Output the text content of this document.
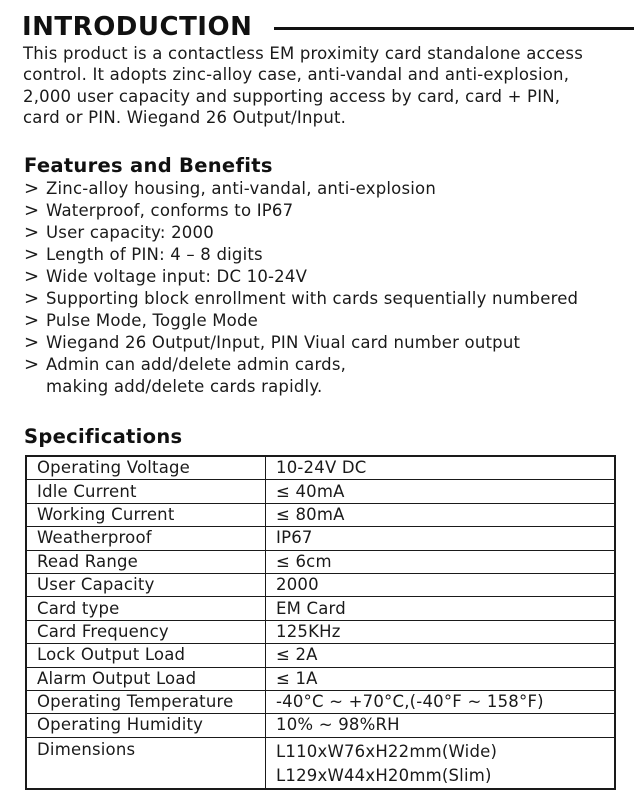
INTRODUCTION
This product is a contactless EM proximity card standalone access
control. It adopts zinc-alloy case, anti-vandal and anti-explosion,
2,000 user capacity and supporting access by card, card + PIN,
card or PIN. Wiegand 26 Output/Input.
Features and Benefits
> Zinc-alloy housing, anti-vandal, anti-explosion
> Waterproof, conforms to IP67
> User capacity: 2000
> Length of PIN: 4 – 8 digits
> Wide voltage input: DC 10-24V
> Supporting block enrollment with cards sequentially numbered
> Pulse Mode, Toggle Mode
> Wiegand 26 Output/Input, PIN Viual card number output
> Admin can add/delete admin cards,
making add/delete cards rapidly.
Specifications
Operating Voltage	10-24V DC
Idle Current	≤ 40mA
Working Current	≤ 80mA
Weatherproof	IP67
Read Range	≤ 6cm
User Capacity	2000
Card type	EM Card
Card Frequency	125KHz
Lock Output Load	≤ 2A
Alarm Output Load	≤ 1A
Operating Temperature	-40°C ~ +70°C,(-40°F ~ 158°F)
Operating Humidity	10% ~ 98%RH
Dimensions	L110xW76xH22mm(Wide)
L129xW44xH20mm(Slim)
